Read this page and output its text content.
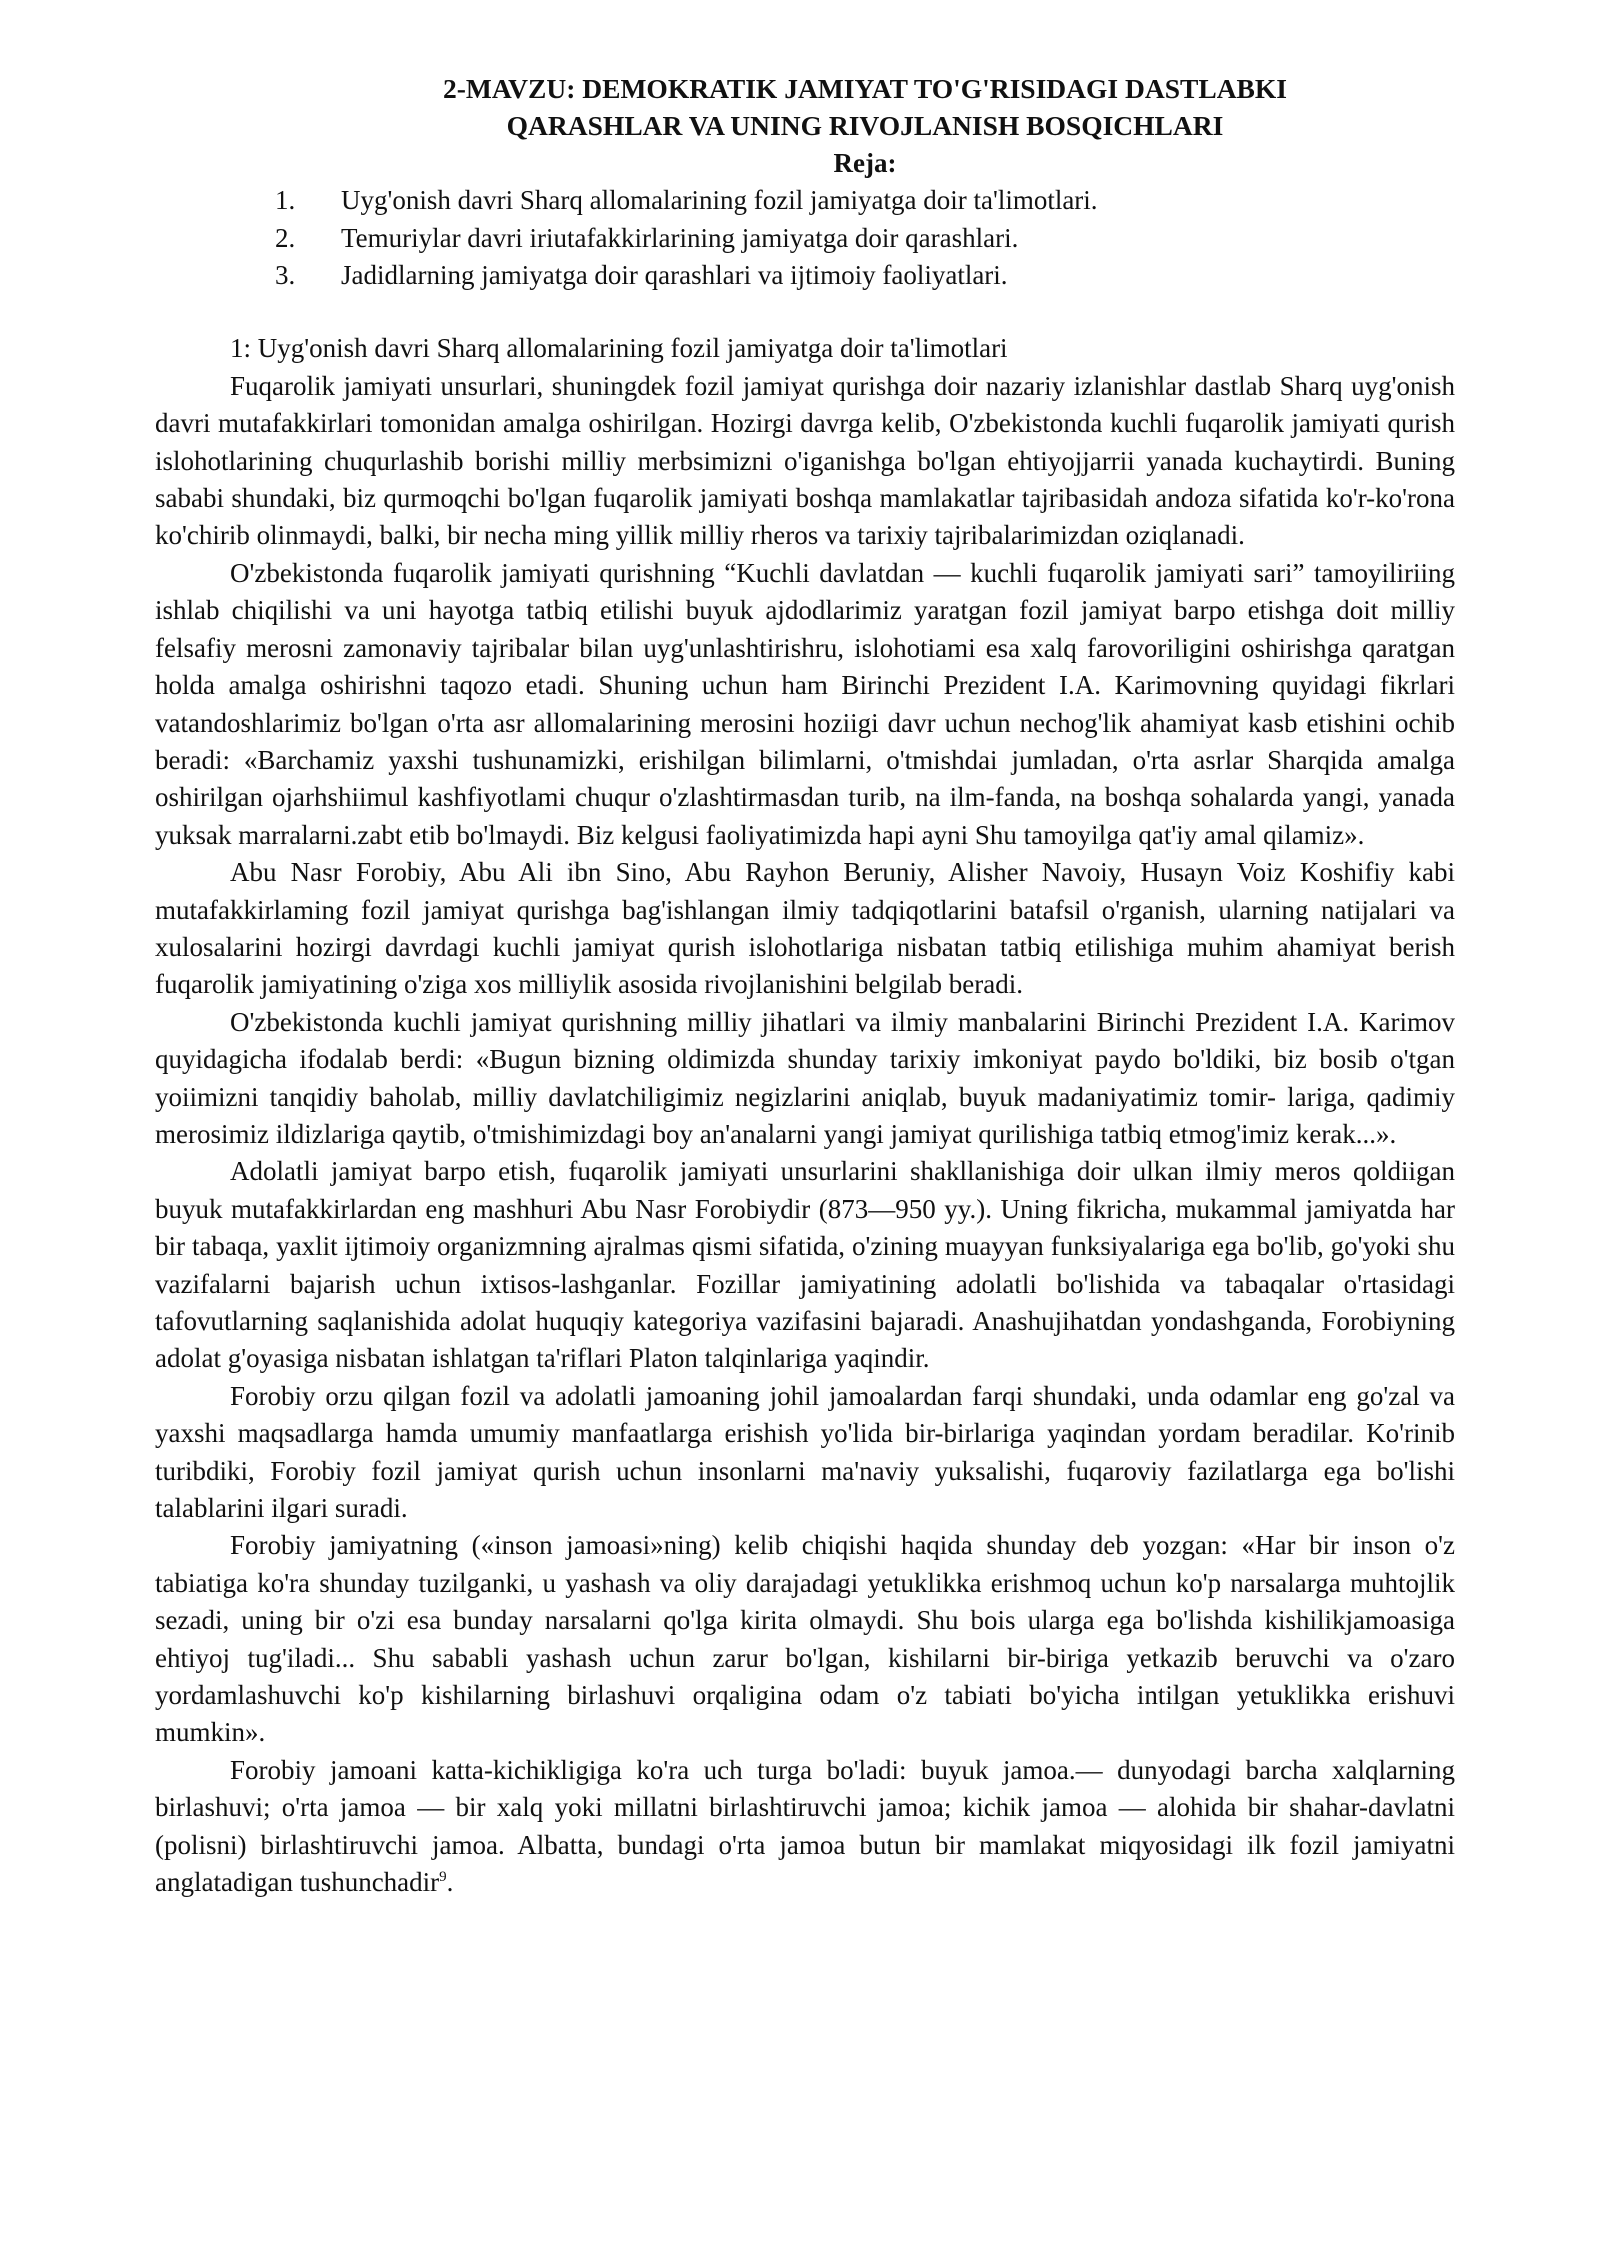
2-MAVZU: DEMOKRATIK JAMIYAT TO'G'RISIDAGI DASTLABKI
QARASHLAR VA UNING RIVOJLANISH BOSQICHLARI
Reja:
1.	Uyg'onish davri Sharq allomalarining fozil jamiyatga doir ta'limotlari.
2.	Temuriylar davri iriutafakkirlarining jamiyatga doir qarashlari.
3.	Jadidlarning jamiyatga doir qarashlari va ijtimoiy faoliyatlari.

1: Uyg'onish davri Sharq allomalarining fozil jamiyatga doir ta'limotlari

Fuqarolik jamiyati unsurlari, shuningdek fozil jamiyat qurishga doir nazariy izlanishlar dastlab Sharq uyg'onish davri mutafakkirlari tomonidan amalga oshirilgan. Hozirgi davrga kelib, O'zbekistonda kuchli fuqarolik jamiyati qurish islohotlarining chuqurlashib borishi milliy merbsimizni o'iganishga bo'lgan ehtiyojjarrii yanada kuchaytirdi. Buning sababi shundaki, biz qurmoqchi bo'lgan fuqarolik jamiyati boshqa mamlakatlar tajribasidah andoza sifatida ko'r-ko'rona ko'chirib olinmaydi, balki, bir necha ming yillik milliy rheros va tarixiy tajribalarimizdan oziqlanadi.

O'zbekistonda fuqarolik jamiyati qurishning “Kuchli davlatdan — kuchli fuqarolik jamiyati sari” tamoyiliriing ishlab chiqilishi va uni hayotga tatbiq etilishi buyuk ajdodlarimiz yaratgan fozil jamiyat barpo etishga doit milliy felsafiy merosni zamonaviy tajribalar bilan uyg'unlashtirishru, islohotiami esa xalq farovoriligini oshirishga qaratgan holda amalga oshirishni taqozo etadi. Shuning uchun ham Birinchi Prezident I.A. Karimovning quyidagi fikrlari vatandoshlarimiz bo'lgan o'rta asr allomalarining merosini hoziigi davr uchun nechog'lik ahamiyat kasb etishini ochib beradi: «Barchamiz yaxshi tushunamizki, erishilgan bilimlarni, o'tmishdai jumladan, o'rta asrlar Sharqida amalga oshirilgan ojarhshiimul kashfiyotlami chuqur o'zlashtirmasdan turib, na ilm-fanda, na boshqa sohalarda yangi, yanada yuksak marralarni.zabt etib bo'lmaydi. Biz kelgusi faoliyatimizda hapi ayni Shu tamoyilga qat'iy amal qilamiz».

Abu Nasr Forobiy, Abu Ali ibn Sino, Abu Rayhon Beruniy, Alisher Navoiy, Husayn Voiz Koshifiy kabi mutafakkirlaming fozil jamiyat qurishga bag'ishlangan ilmiy tadqiqotlarini batafsil o'rganish, ularning natijalari va xulosalarini hozirgi davrdagi kuchli jamiyat qurish islohotlariga nisbatan tatbiq etilishiga muhim ahamiyat berish fuqarolik jamiyatining o'ziga xos milliylik asosida rivojlanishini belgilab beradi.

O'zbekistonda kuchli jamiyat qurishning milliy jihatlari va ilmiy manbalarini Birinchi Prezident I.A. Karimov quyidagicha ifodalab berdi: «Bugun bizning oldimizda shunday tarixiy imkoniyat paydo bo'ldiki, biz bosib o'tgan yoiimizni tanqidiy baholab, milliy davlatchiligimiz negizlarini aniqlab, buyuk madaniyatimiz tomir- lariga, qadimiy merosimiz ildizlariga qaytib, o'tmishimizdagi boy an'analarni yangi jamiyat qurilishiga tatbiq etmog'imiz kerak...».

Adolatli jamiyat barpo etish, fuqarolik jamiyati unsurlarini shakllanishiga doir ulkan ilmiy meros qoldiigan buyuk mutafakkirlardan eng mashhuri Abu Nasr Forobiydir (873—950 yy.). Uning fikricha, mukammal jamiyatda har bir tabaqa, yaxlit ijtimoiy organizmning ajralmas qismi sifatida, o'zining muayyan funksiyalariga ega bo'lib, go'yoki shu vazifalarni bajarish uchun ixtisos-lashganlar. Fozillar jamiyatining adolatli bo'lishida va tabaqalar o'rtasidagi tafovutlarning saqlanishida adolat huquqiy kategoriya vazifasini bajaradi. Anashujihatdan yondashganda, Forobiyning adolat g'oyasiga nisbatan ishlatgan ta'riflari Platon talqinlariga yaqindir.

Forobiy orzu qilgan fozil va adolatli jamoaning johil jamoalardan farqi shundaki, unda odamlar eng go'zal va yaxshi maqsadlarga hamda umumiy manfaatlarga erishish yo'lida bir-birlariga yaqindan yordam beradilar. Ko'rinib turibdiki, Forobiy fozil jamiyat qurish uchun insonlarni ma'naviy yuksalishi, fuqaroviy fazilatlarga ega bo'lishi talablarini ilgari suradi.

Forobiy jamiyatning («inson jamoasi»ning) kelib chiqishi haqida shunday deb yozgan: «Har bir inson o'z tabiatiga ko'ra shunday tuzilganki, u yashash va oliy darajadagi yetuklikka erishmoq uchun ko'p narsalarga muhtojlik sezadi, uning bir o'zi esa bunday narsalarni qo'lga kirita olmaydi. Shu bois ularga ega bo'lishda kishilikjamoasiga ehtiyoj tug'iladi... Shu sababli yashash uchun zarur bo'lgan, kishilarni bir-biriga yetkazib beruvchi va o'zaro yordamlashuvchi ko'p kishilarning birlashuvi orqaligina odam o'z tabiati bo'yicha intilgan yetuklikka erishuvi mumkin».

Forobiy jamoani katta-kichikligiga ko'ra uch turga bo'ladi: buyuk jamoa.— dunyodagi barcha xalqlarning birlashuvi; o'rta jamoa — bir xalq yoki millatni birlashtiruvchi jamoa; kichik jamoa — alohida bir shahar-davlatni (polisni) birlashtiruvchi jamoa. Albatta, bundagi o'rta jamoa butun bir mamlakat miqyosidagi ilk fozil jamiyatni anglatadigan tushunchadir$^9$.
